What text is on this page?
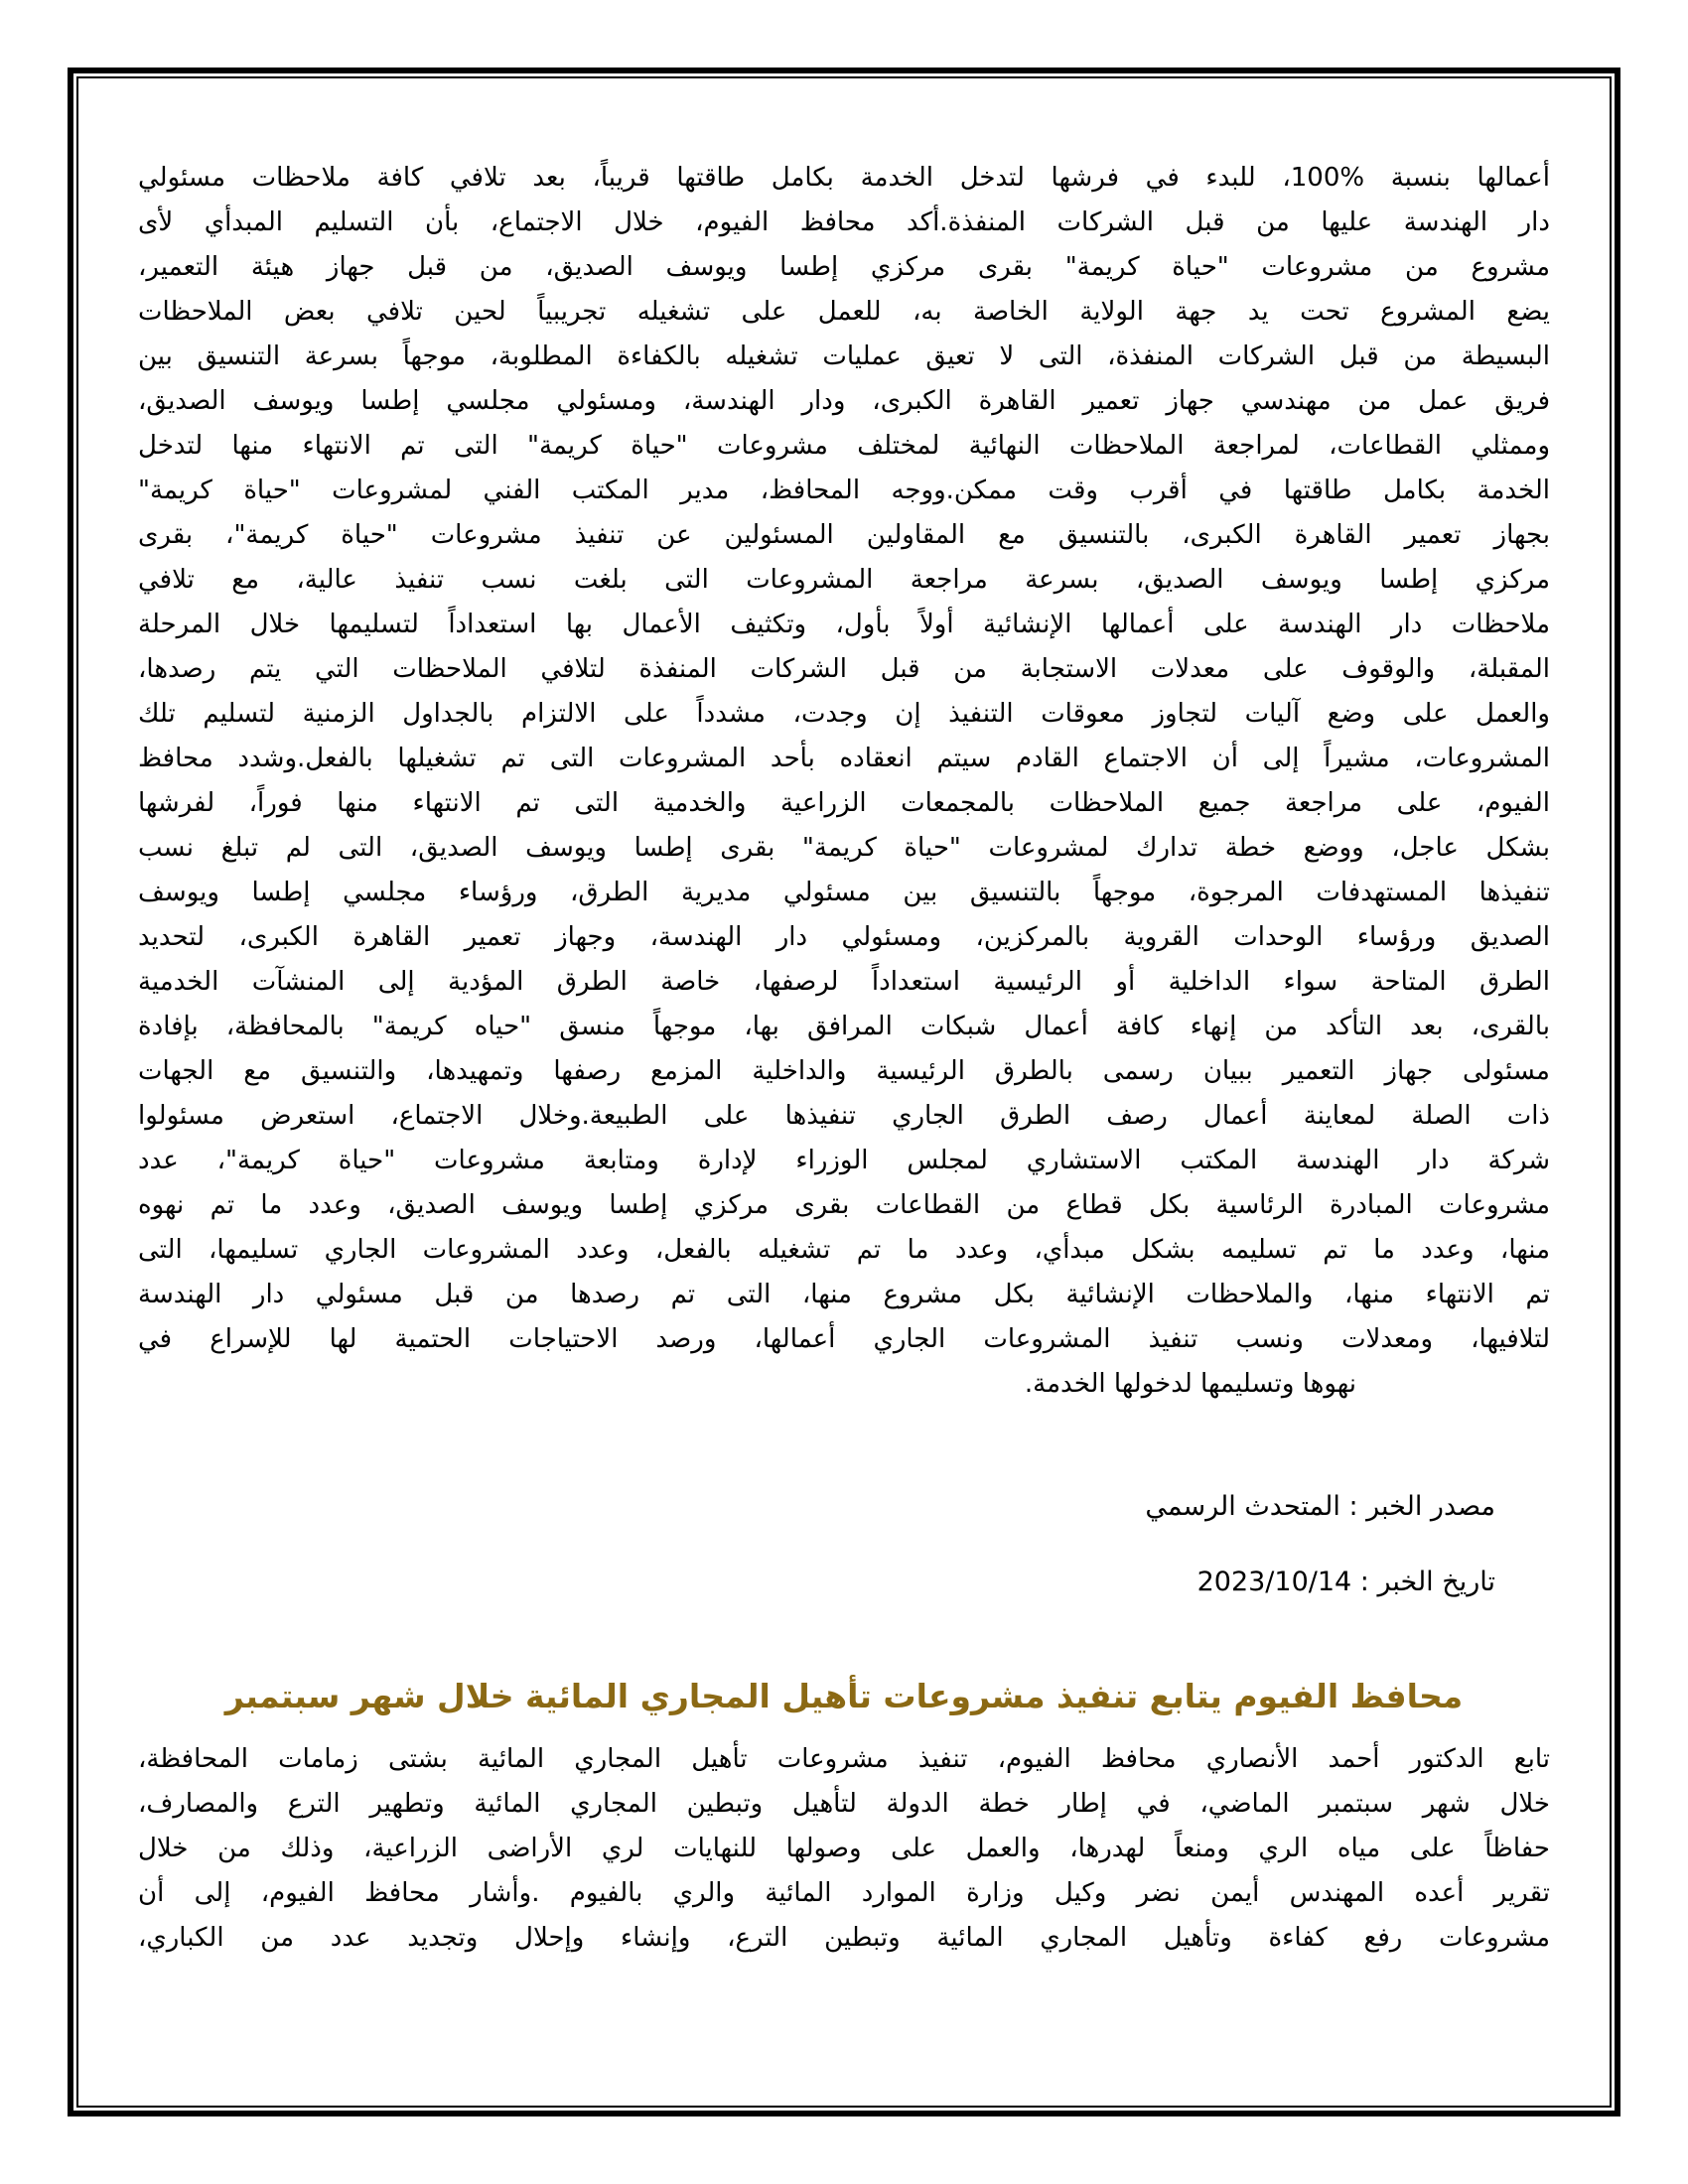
أعمالها بنسبة %100، للبدء في فرشها لتدخل الخدمة بكامل طاقتها قريباً، بعد تلافي كافة ملاحظات مسئولي
دار الهندسة عليها من قبل الشركات المنفذة.أكد محافظ الفيوم، خلال الاجتماع، بأن التسليم المبدأي لأى
مشروع من مشروعات "حياة كريمة" بقرى مركزي إطسا ويوسف الصديق، من قبل جهاز هيئة التعمير،
يضع المشروع تحت يد جهة الولاية الخاصة به، للعمل على تشغيله تجريبياً لحين تلافي بعض الملاحظات
البسيطة من قبل الشركات المنفذة، التى لا تعيق عمليات تشغيله بالكفاءة المطلوبة، موجهاً بسرعة التنسيق بين
فريق عمل من مهندسي جهاز تعمير القاهرة الكبرى، ودار الهندسة، ومسئولي مجلسي إطسا ويوسف الصديق،
وممثلي القطاعات، لمراجعة الملاحظات النهائية لمختلف مشروعات "حياة كريمة" التى تم الانتهاء منها لتدخل
الخدمة بكامل طاقتها في أقرب وقت ممكن.ووجه المحافظ، مدير المكتب الفني لمشروعات "حياة كريمة"
بجهاز تعمير القاهرة الكبرى، بالتنسيق مع المقاولين المسئولين عن تنفيذ مشروعات "حياة كريمة"، بقرى
مركزي إطسا ويوسف الصديق، بسرعة مراجعة المشروعات التى بلغت نسب تنفيذ عالية، مع تلافي
ملاحظات دار الهندسة على أعمالها الإنشائية أولاً بأول، وتكثيف الأعمال بها استعداداً لتسليمها خلال المرحلة
المقبلة، والوقوف على معدلات الاستجابة من قبل الشركات المنفذة لتلافي الملاحظات التي يتم رصدها،
والعمل على وضع آليات لتجاوز معوقات التنفيذ إن وجدت، مشدداً على الالتزام بالجداول الزمنية لتسليم تلك
المشروعات، مشيراً إلى أن الاجتماع القادم سيتم انعقاده بأحد المشروعات التى تم تشغيلها بالفعل.وشدد محافظ
الفيوم، على مراجعة جميع الملاحظات بالمجمعات الزراعية والخدمية التى تم الانتهاء منها فوراً، لفرشها
بشكل عاجل، ووضع خطة تدارك لمشروعات "حياة كريمة" بقرى إطسا ويوسف الصديق، التى لم تبلغ نسب
تنفيذها المستهدفات المرجوة، موجهاً بالتنسيق بين مسئولي مديرية الطرق، ورؤساء مجلسي إطسا ويوسف
الصديق ورؤساء الوحدات القروية بالمركزين، ومسئولي دار الهندسة، وجهاز تعمير القاهرة الكبرى، لتحديد
الطرق المتاحة سواء الداخلية أو الرئيسية استعداداً لرصفها، خاصة الطرق المؤدية إلى المنشآت الخدمية
بالقرى، بعد التأكد من إنهاء كافة أعمال شبكات المرافق بها، موجهاً منسق "حياه كريمة" بالمحافظة، بإفادة
مسئولى جهاز التعمير ببيان رسمى بالطرق الرئيسية والداخلية المزمع رصفها وتمهيدها، والتنسيق مع الجهات
ذات الصلة لمعاينة أعمال رصف الطرق الجاري تنفيذها على الطبيعة.وخلال الاجتماع، استعرض مسئولوا
شركة دار الهندسة المكتب الاستشاري لمجلس الوزراء لإدارة ومتابعة مشروعات "حياة كريمة"، عدد
مشروعات المبادرة الرئاسية بكل قطاع من القطاعات بقرى مركزي إطسا ويوسف الصديق، وعدد ما تم نهوه
منها، وعدد ما تم تسليمه بشكل مبدأي، وعدد ما تم تشغيله بالفعل، وعدد المشروعات الجاري تسليمها، التى
تم الانتهاء منها، والملاحظات الإنشائية بكل مشروع منها، التى تم رصدها من قبل مسئولي دار الهندسة
لتلافيها، ومعدلات ونسب تنفيذ المشروعات الجاري أعمالها، ورصد الاحتياجات الحتمية لها للإسراع في
نهوها وتسليمها لدخولها الخدمة.
مصدر الخبر : المتحدث الرسمي
تاريخ الخبر : 2023/10/14
محافظ الفيوم يتابع تنفيذ مشروعات تأهيل المجاري المائية خلال شهر سبتمبر
تابع الدكتور أحمد الأنصاري محافظ الفيوم، تنفيذ مشروعات تأهيل المجاري المائية بشتى زمامات المحافظة،
خلال شهر سبتمبر الماضي، في إطار خطة الدولة لتأهيل وتبطين المجاري المائية وتطهير الترع والمصارف،
حفاظاً على مياه الري ومنعاً لهدرها، والعمل على وصولها للنهايات لري الأراضى الزراعية، وذلك من خلال
تقرير أعده المهندس أيمن نضر وكيل وزارة الموارد المائية والري بالفيوم .وأشار محافظ الفيوم، إلى أن
مشروعات رفع كفاءة وتأهيل المجاري المائية وتبطين الترع، وإنشاء وإحلال وتجديد عدد من الكباري،
